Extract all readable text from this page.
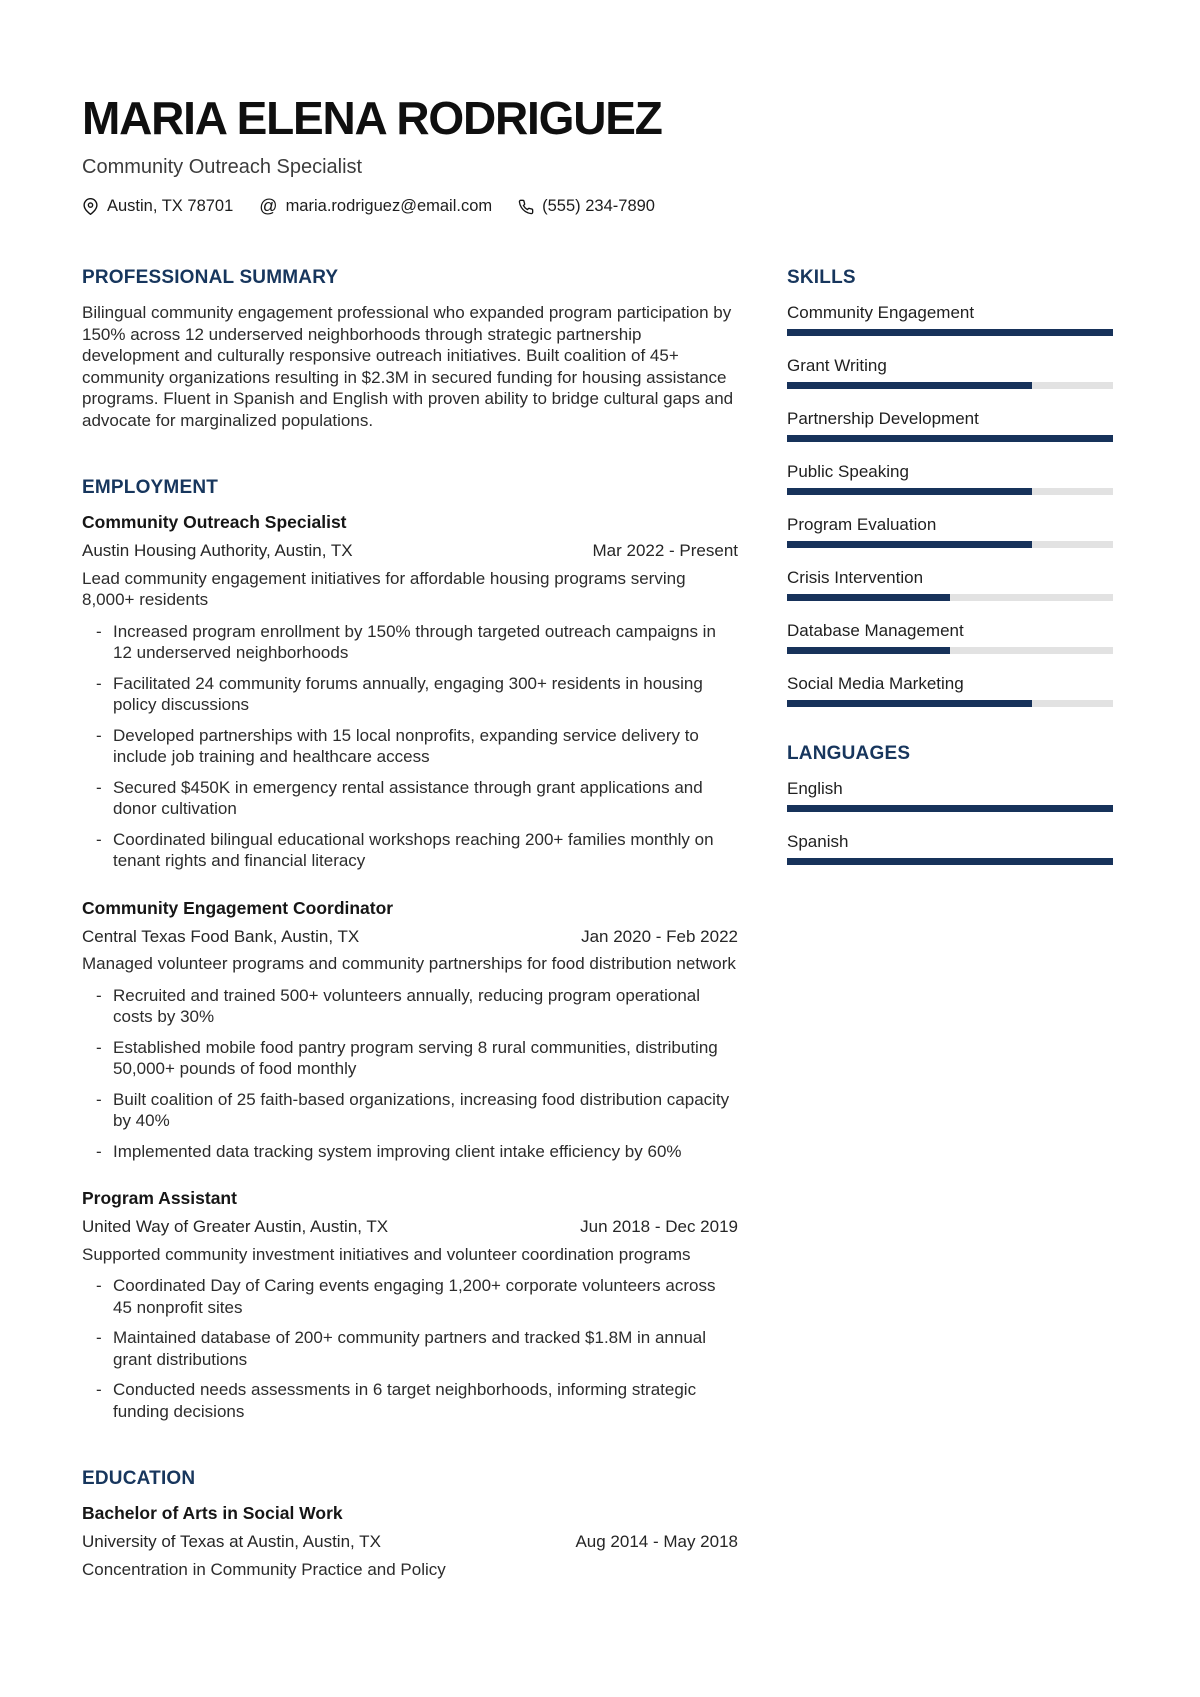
MARIA ELENA RODRIGUEZ
Community Outreach Specialist
Austin, TX 78701 @ maria.rodriguez@email.com	(555) 234-7890
PROFESSIONAL SUMMARY

Bilingual community engagement professional who expanded program participation by 150% across 12 underserved neighborhoods through strategic partnership development and culturally responsive outreach initiatives. Built coalition of 45+ community organizations resulting in $2.3M in secured funding for housing assistance programs. Fluent in Spanish and English with proven ability to bridge cultural gaps and advocate for marginalized populations.

EMPLOYMENT
Community Outreach Specialist
Austin Housing Authority, Austin, TX	Mar 2022 - Present

Lead community engagement initiatives for affordable housing programs serving 8,000+ residents

- Increased program enrollment by 150% through targeted outreach campaigns in 12 underserved neighborhoods
- Facilitated 24 community forums annually, engaging 300+ residents in housing policy discussions
- Developed partnerships with 15 local nonprofits, expanding service delivery to include job training and healthcare access
- Secured $450K in emergency rental assistance through grant applications and donor cultivation
- Coordinated bilingual educational workshops reaching 200+ families monthly on tenant rights and financial literacy
Community Engagement Coordinator
Central Texas Food Bank, Austin, TX	Jan 2020 - Feb 2022

Managed volunteer programs and community partnerships for food distribution network

- Recruited and trained 500+ volunteers annually, reducing program operational costs by 30%
- Established mobile food pantry program serving 8 rural communities, distributing 50,000+ pounds of food monthly
- Built coalition of 25 faith-based organizations, increasing food distribution capacity by 40%
- Implemented data tracking system improving client intake efficiency by 60%
Program Assistant
United Way of Greater Austin, Austin, TX	Jun 2018 - Dec 2019

Supported community investment initiatives and volunteer coordination programs

- Coordinated Day of Caring events engaging 1,200+ corporate volunteers across 45 nonprofit sites
- Maintained database of 200+ community partners and tracked $1.8M in annual grant distributions
- Conducted needs assessments in 6 target neighborhoods, informing strategic funding decisions
EDUCATION
Bachelor of Arts in Social Work
University of Texas at Austin, Austin, TX	Aug 2014 - May 2018
Concentration in Community Practice and Policy
SKILLS
Community Engagement
Grant Writing
Partnership Development
Public Speaking
Program Evaluation
Crisis Intervention
Database Management
Social Media Marketing
LANGUAGES
English
Spanish
